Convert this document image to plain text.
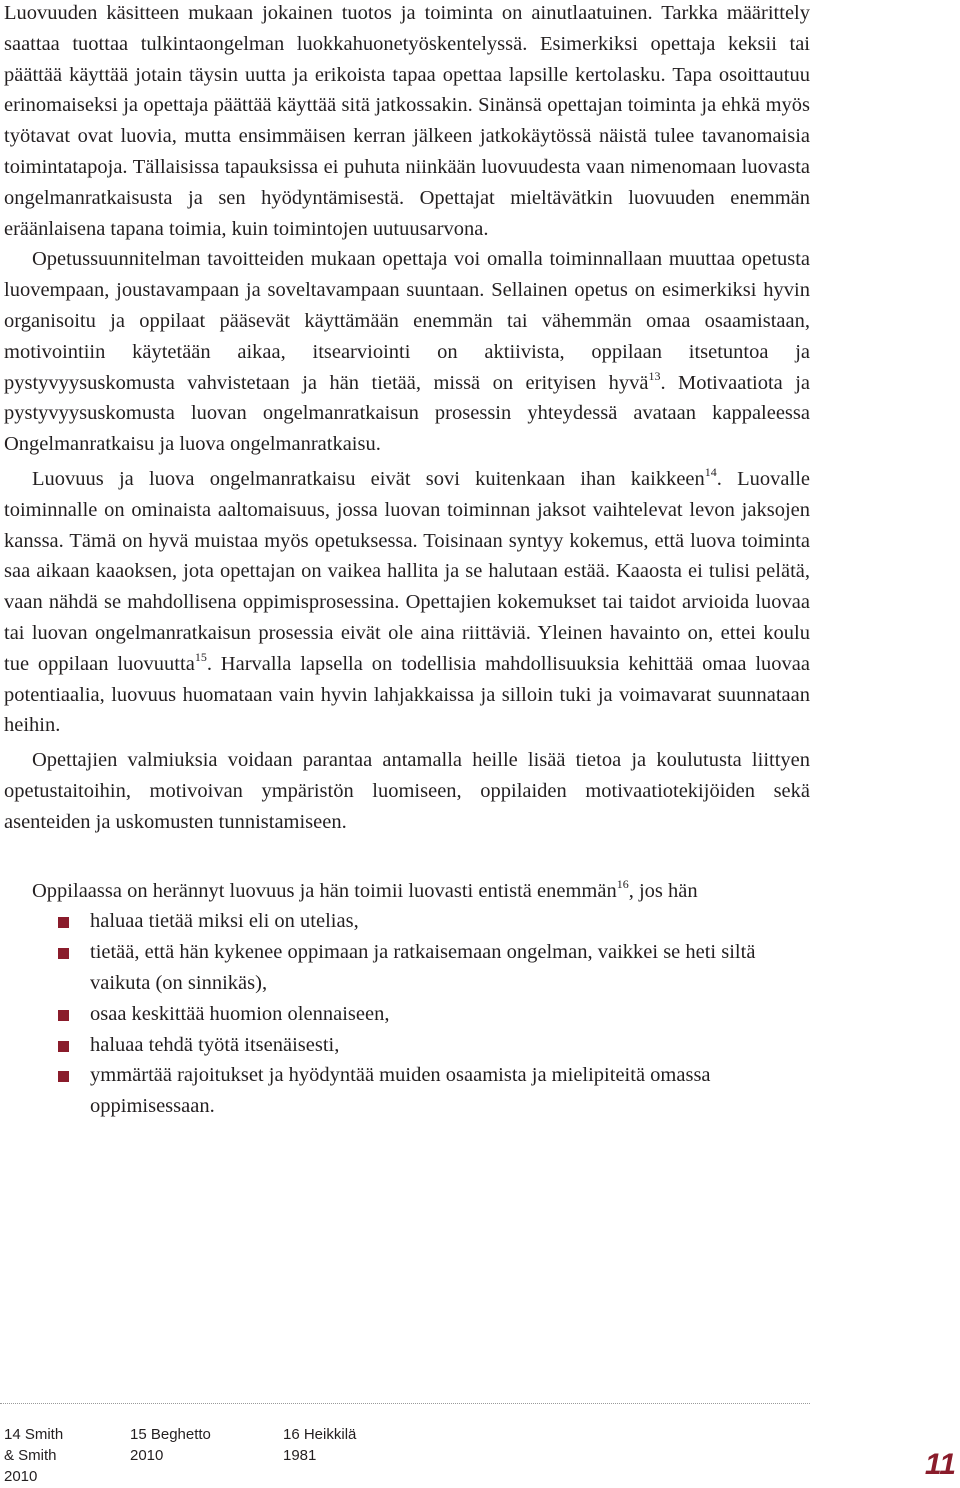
Luovuuden käsitteen mukaan jokainen tuotos ja toiminta on ainutlaatuinen. Tarkka määrittely saattaa tuottaa tulkintaongelman luokkahuonetyöskentelyssä. Esimerkiksi opettaja keksii tai päättää käyttää jotain täysin uutta ja erikoista tapaa opettaa lapsille kertolasku. Tapa osoittautuu erinomaiseksi ja opettaja päättää käyttää sitä jatkossakin. Sinänsä opettajan toiminta ja ehkä myös työtavat ovat luovia, mutta ensimmäisen kerran jälkeen jatkokäytössä näistä tulee tavanomaisia toimintatapoja. Tällaisissa tapauksissa ei puhuta niinkään luovuudesta vaan nimenomaan luovasta ongelmanratkaisusta ja sen hyödyntämisestä. Opettajat mieltävätkin luovuuden enemmän eräänlaisena tapana toimia, kuin toimintojen uutuusarvona.

Opetussuunnitelman tavoitteiden mukaan opettaja voi omalla toiminnallaan muuttaa opetusta luovempaan, joustavampaan ja soveltavampaan suuntaan. Sellainen opetus on esimerkiksi hyvin organisoitu ja oppilaat pääsevät käyttämään enemmän tai vähemmän omaa osaamistaan, motivointiin käytetään aikaa, itsearviointi on aktiivista, oppilaan itsetuntoa ja pystyvyysuskomusta vahvistetaan ja hän tietää, missä on erityisen hyvä$^{13}$. Motivaatiota ja pystyvyysuskomusta luovan ongelmanratkaisun prosessin yhteydessä avataan kappaleessa Ongelmanratkaisu ja luova ongelmanratkaisu.

Luovuus ja luova ongelmanratkaisu eivät sovi kuitenkaan ihan kaikkeen$^{14}$. Luovalle toiminnalle on ominaista aaltomaisuus, jossa luovan toiminnan jaksot vaihtelevat levon jaksojen kanssa. Tämä on hyvä muistaa myös opetuksessa. Toisinaan syntyy kokemus, että luova toiminta saa aikaan kaaoksen, jota opettajan on vaikea hallita ja se halutaan estää. Kaaosta ei tulisi pelätä, vaan nähdä se mahdollisena oppimisprosessina. Opettajien kokemukset tai taidot arvioida luovaa tai luovan ongelmanratkaisun prosessia eivät ole aina riittäviä. Yleinen havainto on, ettei koulu tue oppilaan luovuutta$^{15}$. Harvalla lapsella on todellisia mahdollisuuksia kehittää omaa luovaa potentiaalia, luovuus huomataan vain hyvin lahjakkaissa ja silloin tuki ja voimavarat suunnataan heihin.

Opettajien valmiuksia voidaan parantaa antamalla heille lisää tietoa ja koulutusta liittyen opetustaitoihin, motivoivan ympäristön luomiseen, oppilaiden motivaatiotekijöiden sekä asenteiden ja uskomusten tunnistamiseen.

Oppilaassa on herännyt luovuus ja hän toimii luovasti entistä enemmän$^{16}$, jos hän

haluaa tietää miksi eli on utelias,
tietää, että hän kykenee oppimaan ja ratkaisemaan ongelman, vaikkei se heti siltä vaikuta (on sinnikäs),
osaa keskittää huomion olennaiseen,
haluaa tehdä työtä itsenäisesti,
ymmärtää rajoitukset ja hyödyntää muiden osaamista ja mielipiteitä omassa oppimisessaan.
14 Smith
& Smith
2010
15 Beghetto
2010
16 Heikkilä
1981	11
